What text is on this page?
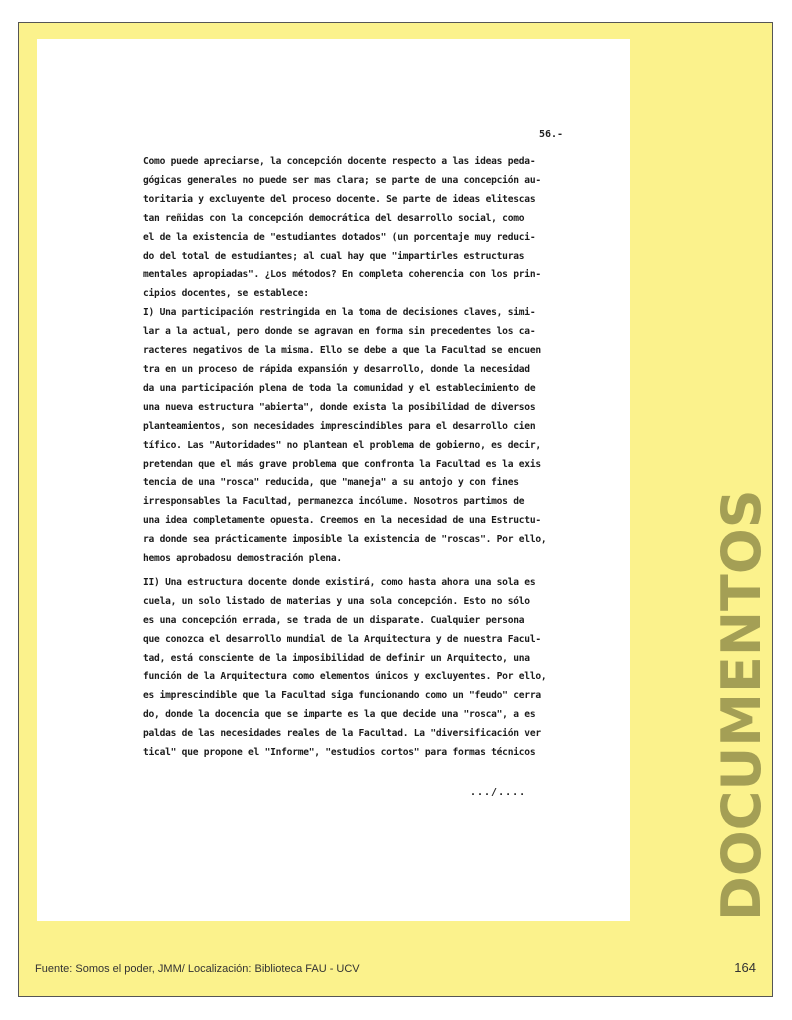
56.-
Como puede apreciarse, la concepción docente respecto a las ideas peda-
gógicas generales no puede ser mas clara; se parte de una concepción au-
toritaria y excluyente del proceso docente. Se parte de ideas elitescas
tan reñidas con la concepción democrática del desarrollo social, como
el de la existencia de "estudiantes dotados" (un porcentaje muy reduci-
do del total de estudiantes; al cual hay que "impartirles estructuras
mentales apropiadas". ¿Los métodos? En completa coherencia con los prin-
cipios docentes, se establece:
I) Una participación restringida en la toma de decisiones claves, simi-
lar a la actual, pero donde se agravan en forma sin precedentes los ca-
racteres negativos de la misma. Ello se debe a que la Facultad se encuen
tra en un proceso de rápida expansión y desarrollo, donde la necesidad
da una participación plena de toda la comunidad y el establecimiento de
una nueva estructura "abierta", donde exista la posibilidad de diversos
planteamientos, son necesidades imprescindibles para el desarrollo cien
tífico. Las "Autoridades" no plantean el problema de gobierno, es decir,
pretendan que el más grave problema que confronta la Facultad es la exis
tencia de una "rosca" reducida, que "maneja" a su antojo y con fines
irresponsables la Facultad, permanezca incólume. Nosotros partimos de
una idea completamente opuesta. Creemos en la necesidad de una Estructu-
ra donde sea prácticamente imposible la existencia de "roscas". Por ello,
hemos aprobadosu demostración plena.
II) Una estructura docente donde existirá, como hasta ahora una sola es
cuela, un solo listado de materias y una sola concepción. Esto no sólo
es una concepción errada, se trada de un disparate. Cualquier persona
que conozca el desarrollo mundial de la Arquitectura y de nuestra Facul-
tad, está consciente de la imposibilidad de definir un Arquitecto, una
función de la Arquitectura como elementos únicos y excluyentes. Por ello,
es imprescindible que la Facultad siga funcionando como un "feudo" cerra
do, donde la docencia que se imparte es la que decide una "rosca", a es
paldas de las necesidades reales de la Facultad. La "diversificación ver
tical" que propone el "Informe", "estudios cortos" para formas técnicos
.../....	DOCUMENTOS
Fuente: Somos el poder, JMM/ Localización: Biblioteca FAU - UCV	164
